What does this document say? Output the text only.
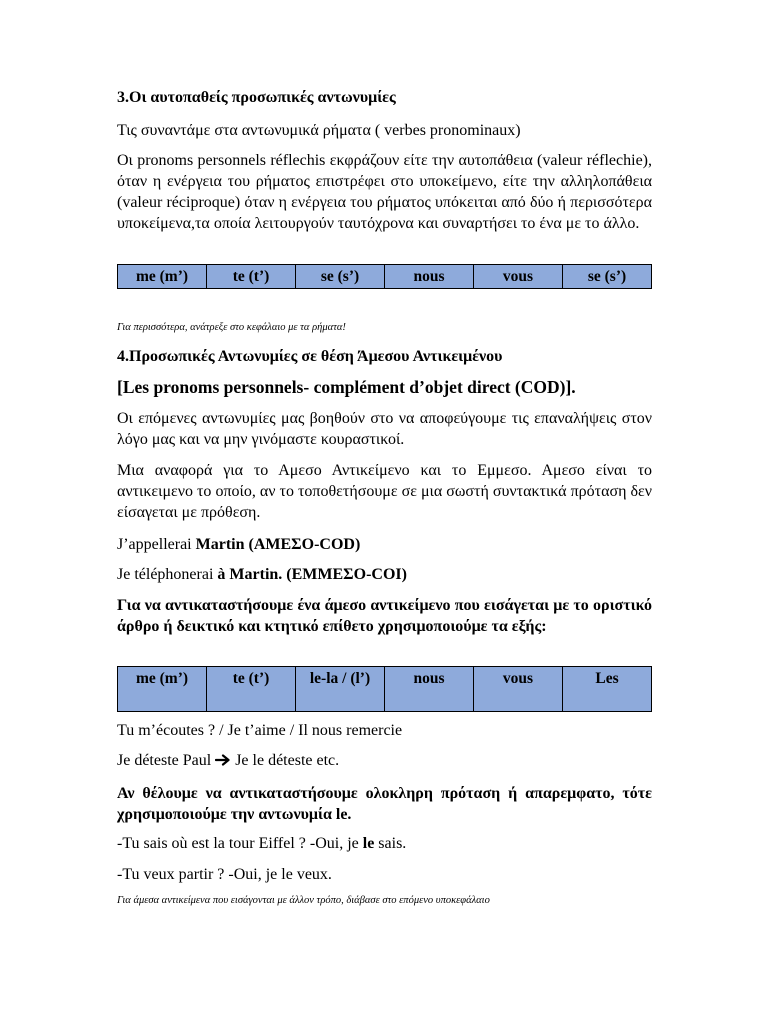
3.Οι αυτοπαθείς προσωπικές αντωνυμίες
Τις συναντάμε στα αντωνυμικά ρήματα ( verbes pronominaux)
Οι pronoms personnels réflechis εκφράζουν είτε την αυτοπάθεια (valeur réflechie), όταν η ενέργεια του ρήματος επιστρέφει στο υποκείμενο, είτε την αλληλοπάθεια (valeur réciproque) όταν η ενέργεια του ρήματος υπόκειται από δύο ή περισσότερα υποκείμενα,τα οποία λειτουργούν ταυτόχρονα και συναρτήσει το ένα με το άλλο.
me (m’)	te (t’)	se (s’)	nous	vous	se (s’)
Για περισσότερα, ανάτρεξε στο κεφάλαιο με τα ρήματα!
4.Προσωπικές Αντωνυμίες σε θέση Άμεσου Αντικειμένου
[Les pronoms personnels- complément d’objet direct (COD)].
Οι επόμενες αντωνυμίες μας βοηθούν στο να αποφεύγουμε τις επαναλήψεις στον λόγο μας και να μην γινόμαστε κουραστικοί.
Μια αναφορά για το Αμεσο Αντικείμενο και το Εμμεσο. Αμεσο είναι το αντικειμενο το οποίο, αν το τοποθετήσουμε σε μια σωστή συντακτικά πρόταση δεν είσαγεται με πρόθεση.
J’appellerai Martin (ΑΜΕΣΟ-COD)
Je téléphonerai à Martin. (ΕΜΜΕΣΟ-COI)
Για να αντικαταστήσουμε ένα άμεσο αντικείμενο που εισάγεται με το οριστικό άρθρο ή δεικτικό και κτητικό επίθετο χρησιμοποιούμε τα εξής:
me (m’)	te (t’)	le-la / (l’)	nous	vous	Les
Tu m’écoutes ? / Je t’aime / Il nous remercie
Je déteste Paul  Je le déteste etc.
Αν θέλουμε να αντικαταστήσουμε ολοκληρη πρόταση ή απαρεμφατο, τότε χρησιμοποιούμε την αντωνυμία le.
-Tu sais où est la tour Eiffel ? -Oui, je le sais.
-Tu veux partir ? -Oui, je le veux.
Για άμεσα αντικείμενα που εισάγονται με άλλον τρόπο, διάβασε στο επόμενο υποκεφάλαιο
